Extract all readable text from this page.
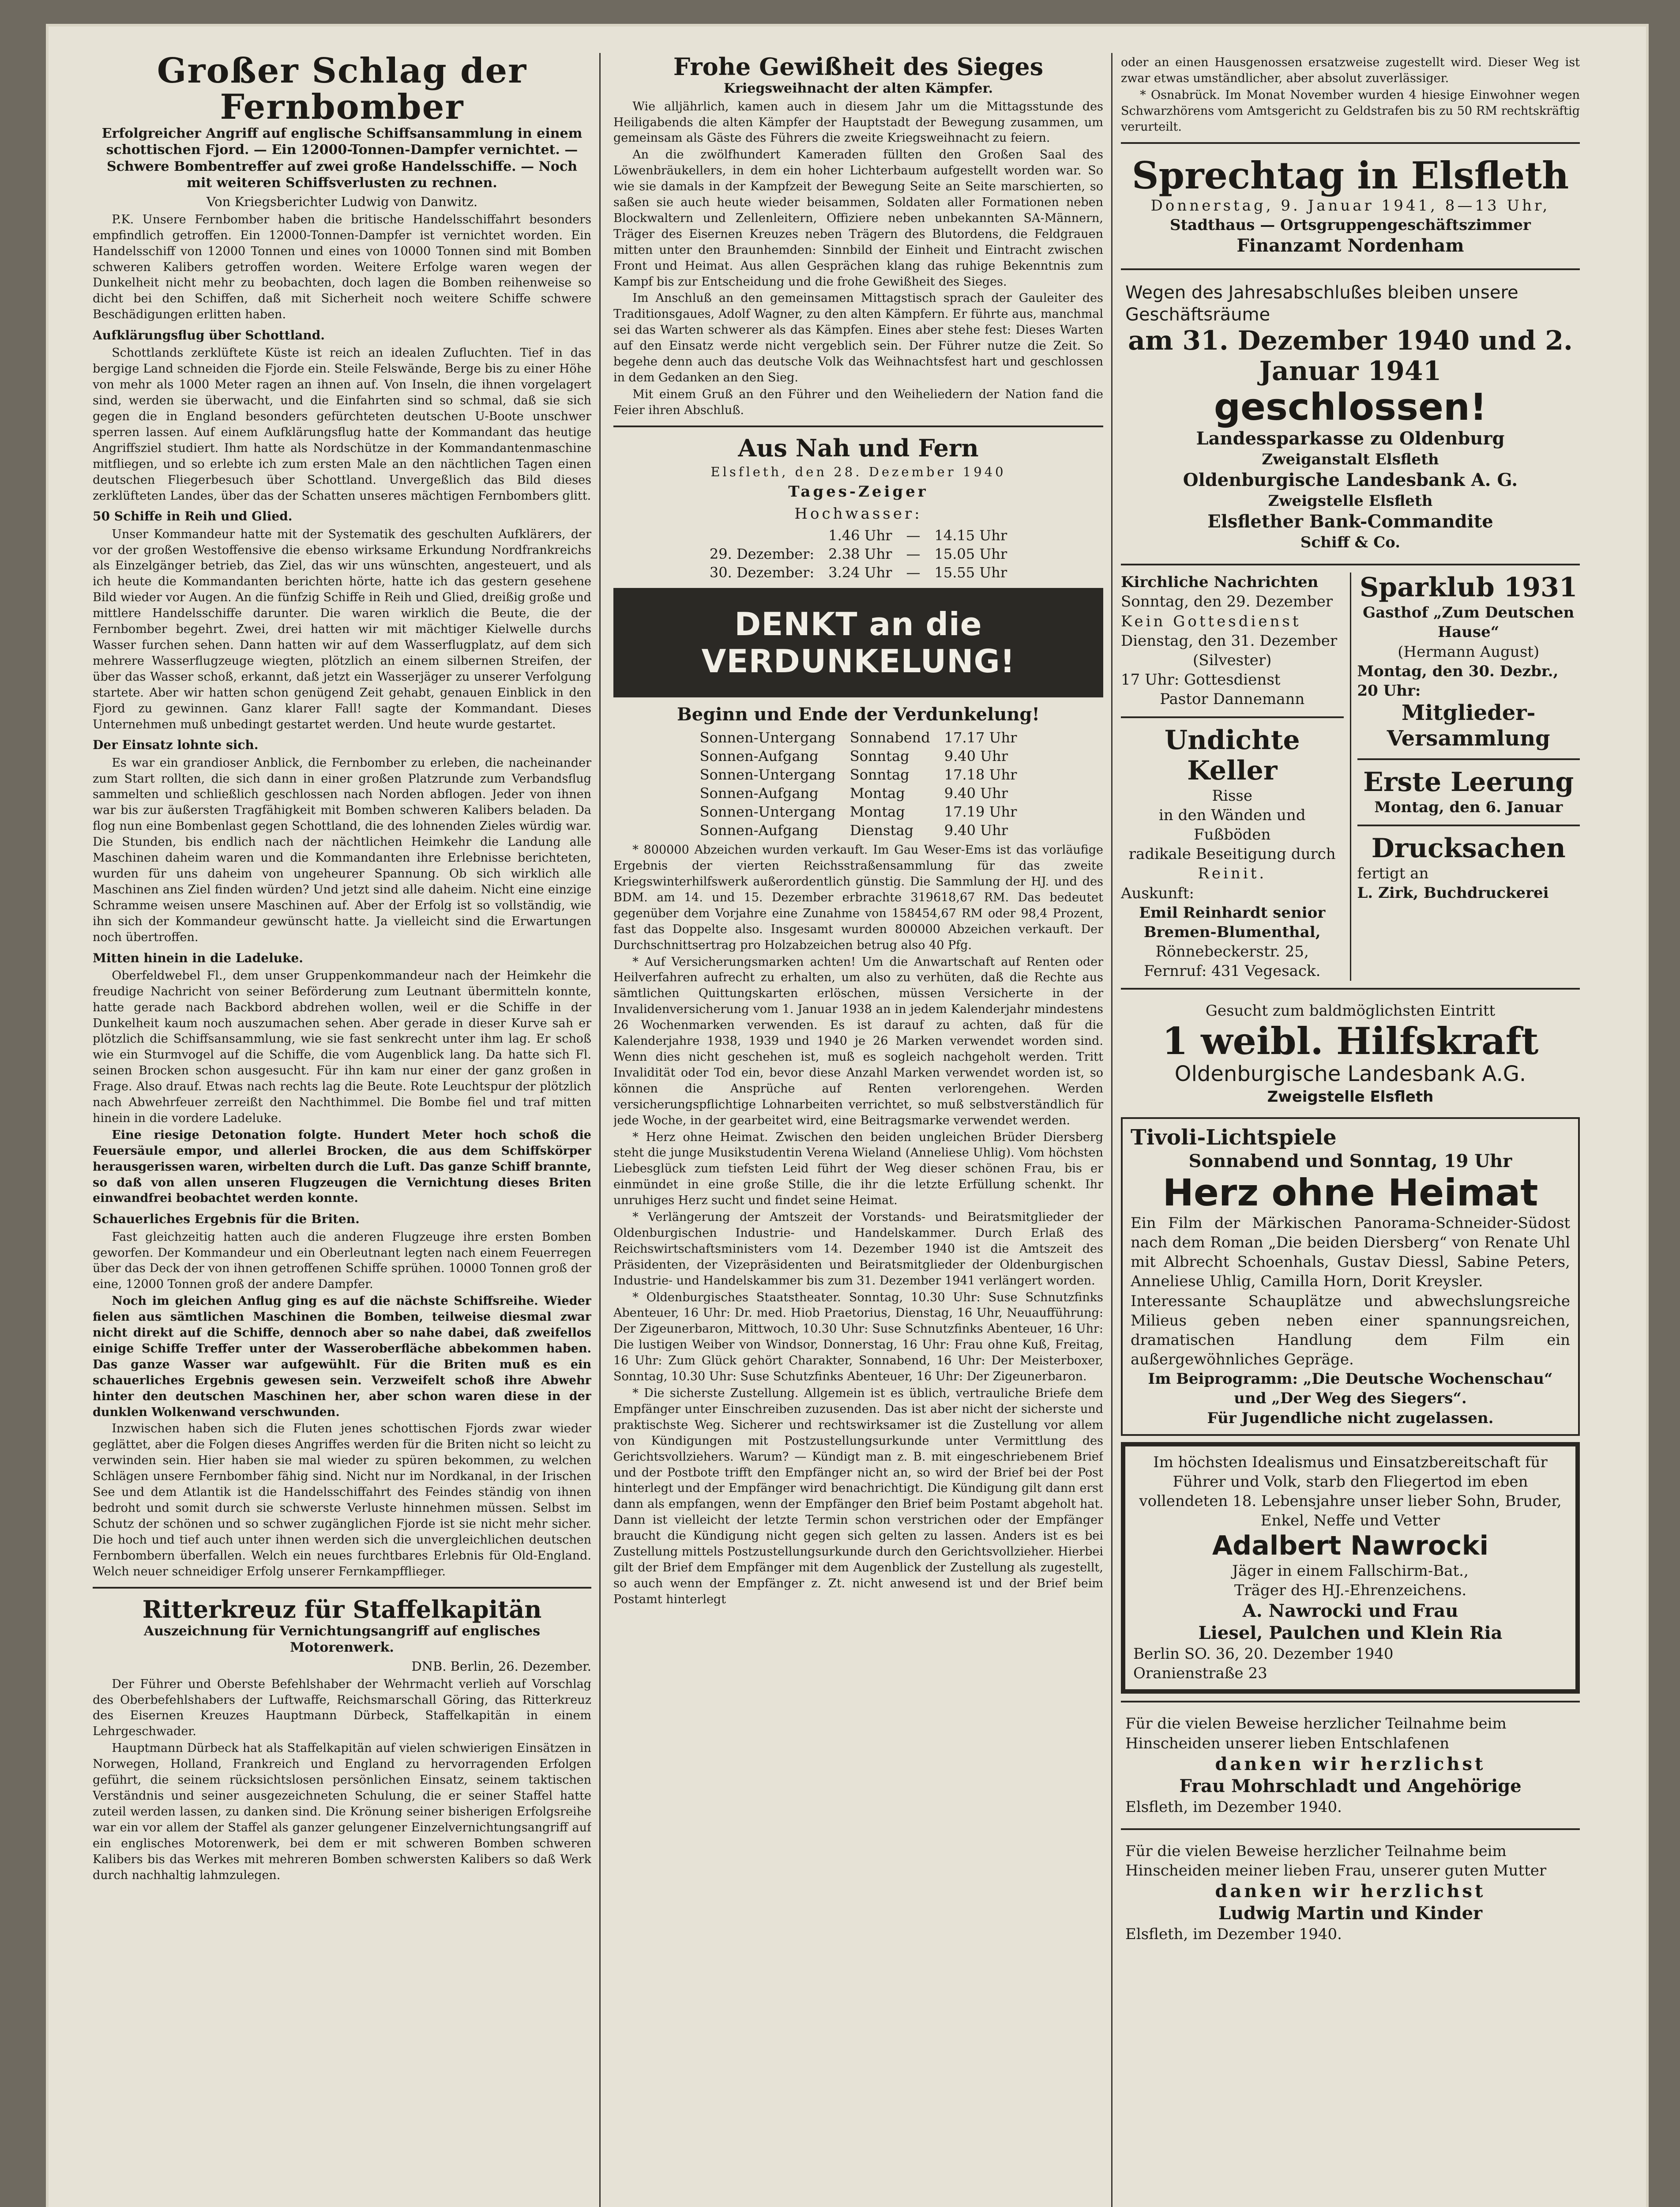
Großer Schlag der Fernbomber
Erfolgreicher Angriff auf englische Schiffsansammlung in einem schottischen Fjord. — Ein 12000-Tonnen-Dampfer vernichtet. — Schwere Bombentreffer auf zwei große Handelsschiffe. — Noch mit weiteren Schiffsverlusten zu rechnen.
Von Kriegsberichter Ludwig von Danwitz.

P.K. Unsere Fernbomber haben die britische Handelsschiffahrt besonders empfindlich getroffen. Ein 12000-Tonnen-Dampfer ist vernichtet worden. Ein Handelsschiff von 12000 Tonnen und eines von 10000 Tonnen sind mit Bomben schweren Kalibers getroffen worden. Weitere Erfolge waren wegen der Dunkelheit nicht mehr zu beobachten, doch lagen die Bomben reihenweise so dicht bei den Schiffen, daß mit Sicherheit noch weitere Schiffe schwere Beschädigungen erlitten haben.

Aufklärungsflug über Schottland.

Schottlands zerklüftete Küste ist reich an idealen Zufluchten. Tief in das bergige Land schneiden die Fjorde ein. Steile Felswände, Berge bis zu einer Höhe von mehr als 1000 Meter ragen an ihnen auf. Von Inseln, die ihnen vorgelagert sind, werden sie überwacht, und die Einfahrten sind so schmal, daß sie sich gegen die in England besonders gefürchteten deutschen U-Boote unschwer sperren lassen. Auf einem Aufklärungsflug hatte der Kommandant das heutige Angriffsziel studiert. Ihm hatte als Nordschütze in der Kommandantenmaschine mitfliegen, und so erlebte ich zum ersten Male an den nächtlichen Tagen einen deutschen Fliegerbesuch über Schottland. Unvergeßlich das Bild dieses zerklüfteten Landes, über das der Schatten unseres mächtigen Fernbombers glitt.

50 Schiffe in Reih und Glied.

Unser Kommandeur hatte mit der Systematik des geschulten Aufklärers, der vor der großen Westoffensive die ebenso wirksame Erkundung Nordfrankreichs als Einzelgänger betrieb, das Ziel, das wir uns wünschten, angesteuert, und als ich heute die Kommandanten berichten hörte, hatte ich das gestern gesehene Bild wieder vor Augen. An die fünfzig Schiffe in Reih und Glied, dreißig große und mittlere Handelsschiffe darunter. Die waren wirklich die Beute, die der Fernbomber begehrt. Zwei, drei hatten wir mit mächtiger Kielwelle durchs Wasser furchen sehen. Dann hatten wir auf dem Wasserflugplatz, auf dem sich mehrere Wasserflugzeuge wiegten, plötzlich an einem silbernen Streifen, der über das Wasser schoß, erkannt, daß jetzt ein Wasserjäger zu unserer Verfolgung startete. Aber wir hatten schon genügend Zeit gehabt, genauen Einblick in den Fjord zu gewinnen. Ganz klarer Fall! sagte der Kommandant. Dieses Unternehmen muß unbedingt gestartet werden. Und heute wurde gestartet.

Der Einsatz lohnte sich.

Es war ein grandioser Anblick, die Fernbomber zu erleben, die nacheinander zum Start rollten, die sich dann in einer großen Platzrunde zum Verbandsflug sammelten und schließlich geschlossen nach Norden abflogen. Jeder von ihnen war bis zur äußersten Tragfähigkeit mit Bomben schweren Kalibers beladen. Da flog nun eine Bombenlast gegen Schottland, die des lohnenden Zieles würdig war. Die Stunden, bis endlich nach der nächtlichen Heimkehr die Landung alle Maschinen daheim waren und die Kommandanten ihre Erlebnisse berichteten, wurden für uns daheim von ungeheurer Spannung. Ob sich wirklich alle Maschinen ans Ziel finden würden? Und jetzt sind alle daheim. Nicht eine einzige Schramme weisen unsere Maschinen auf. Aber der Erfolg ist so vollständig, wie ihn sich der Kommandeur gewünscht hatte. Ja vielleicht sind die Erwartungen noch übertroffen.

Mitten hinein in die Ladeluke.

Oberfeldwebel Fl., dem unser Gruppenkommandeur nach der Heimkehr die freudige Nachricht von seiner Beförderung zum Leutnant übermitteln konnte, hatte gerade nach Backbord abdrehen wollen, weil er die Schiffe in der Dunkelheit kaum noch auszumachen sehen. Aber gerade in dieser Kurve sah er plötzlich die Schiffsansammlung, wie sie fast senkrecht unter ihm lag. Er schoß wie ein Sturmvogel auf die Schiffe, die vom Augenblick lang. Da hatte sich Fl. seinen Brocken schon ausgesucht. Für ihn kam nur einer der ganz großen in Frage. Also drauf. Etwas nach rechts lag die Beute. Rote Leuchtspur der plötzlich nach Abwehrfeuer zerreißt den Nachthimmel. Die Bombe fiel und traf mitten hinein in die vordere Ladeluke.

Eine riesige Detonation folgte. Hundert Meter hoch schoß die Feuersäule empor, und allerlei Brocken, die aus dem Schiffskörper herausgerissen waren, wirbelten durch die Luft. Das ganze Schiff brannte, so daß von allen unseren Flugzeugen die Vernichtung dieses Briten einwandfrei beobachtet werden konnte.

Schauerliches Ergebnis für die Briten.

Fast gleichzeitig hatten auch die anderen Flugzeuge ihre ersten Bomben geworfen. Der Kommandeur und ein Oberleutnant legten nach einem Feuerregen über das Deck der von ihnen getroffenen Schiffe sprühen. 10000 Tonnen groß der eine, 12000 Tonnen groß der andere Dampfer.

Noch im gleichen Anflug ging es auf die nächste Schiffsreihe. Wieder fielen aus sämtlichen Maschinen die Bomben, teilweise diesmal zwar nicht direkt auf die Schiffe, dennoch aber so nahe dabei, daß zweifellos einige Schiffe Treffer unter der Wasseroberfläche abbekommen haben. Das ganze Wasser war aufgewühlt. Für die Briten muß es ein schauerliches Ergebnis gewesen sein. Verzweifelt schoß ihre Abwehr hinter den deutschen Maschinen her, aber schon waren diese in der dunklen Wolkenwand verschwunden.

Inzwischen haben sich die Fluten jenes schottischen Fjords zwar wieder geglättet, aber die Folgen dieses Angriffes werden für die Briten nicht so leicht zu verwinden sein. Hier haben sie mal wieder zu spüren bekommen, zu welchen Schlägen unsere Fernbomber fähig sind. Nicht nur im Nordkanal, in der Irischen See und dem Atlantik ist die Handelsschiffahrt des Feindes ständig von ihnen bedroht und somit durch sie schwerste Verluste hinnehmen müssen. Selbst im Schutz der schönen und so schwer zugänglichen Fjorde ist sie nicht mehr sicher. Die hoch und tief auch unter ihnen werden sich die unvergleichlichen deutschen Fernbombern überfallen. Welch ein neues furchtbares Erlebnis für Old-England. Welch neuer schneidiger Erfolg unserer Fernkampfflieger.

Ritterkreuz für Staffelkapitän
Auszeichnung für Vernichtungsangriff auf englisches Motorenwerk.
DNB. Berlin, 26. Dezember.

Der Führer und Oberste Befehlshaber der Wehrmacht verlieh auf Vorschlag des Oberbefehlshabers der Luftwaffe, Reichsmarschall Göring, das Ritterkreuz des Eisernen Kreuzes Hauptmann Dürbeck, Staffelkapitän in einem Lehrgeschwader.

Hauptmann Dürbeck hat als Staffelkapitän auf vielen schwierigen Einsätzen in Norwegen, Holland, Frankreich und England zu hervorragenden Erfolgen geführt, die seinem rücksichtslosen persönlichen Einsatz, seinem taktischen Verständnis und seiner ausgezeichneten Schulung, die er seiner Staffel hatte zuteil werden lassen, zu danken sind. Die Krönung seiner bisherigen Erfolgsreihe war ein vor allem der Staffel als ganzer gelungener Einzelvernichtungsangriff auf ein englisches Motorenwerk, bei dem er mit schweren Bomben schweren Kalibers bis das Werkes mit mehreren Bomben schwersten Kalibers so daß Werk durch nachhaltig lahmzulegen.

Frohe Gewißheit des Sieges
Kriegsweihnacht der alten Kämpfer.

Wie alljährlich, kamen auch in diesem Jahr um die Mittagsstunde des Heiligabends die alten Kämpfer der Hauptstadt der Bewegung zusammen, um gemeinsam als Gäste des Führers die zweite Kriegsweihnacht zu feiern.

An die zwölfhundert Kameraden füllten den Großen Saal des Löwenbräukellers, in dem ein hoher Lichterbaum aufgestellt worden war. So wie sie damals in der Kampfzeit der Bewegung Seite an Seite marschierten, so saßen sie auch heute wieder beisammen, Soldaten aller Formationen neben Blockwaltern und Zellenleitern, Offiziere neben unbekannten SA-Männern, Träger des Eisernen Kreuzes neben Trägern des Blutordens, die Feldgrauen mitten unter den Braunhemden: Sinnbild der Einheit und Eintracht zwischen Front und Heimat. Aus allen Gesprächen klang das ruhige Bekenntnis zum Kampf bis zur Entscheidung und die frohe Gewißheit des Sieges.

Im Anschluß an den gemeinsamen Mittagstisch sprach der Gauleiter des Traditionsgaues, Adolf Wagner, zu den alten Kämpfern. Er führte aus, manchmal sei das Warten schwerer als das Kämpfen. Eines aber stehe fest: Dieses Warten auf den Einsatz werde nicht vergeblich sein. Der Führer nutze die Zeit. So begehe denn auch das deutsche Volk das Weihnachtsfest hart und geschlossen in dem Gedanken an den Sieg.

Mit einem Gruß an den Führer und den Weiheliedern der Nation fand die Feier ihren Abschluß.

Aus Nah und Fern
Elsfleth, den 28. Dezember 1940
Tages-Zeiger
Hochwasser:
	1.46 Uhr	—	14.15 Uhr
29. Dezember:	2.38 Uhr	—	15.05 Uhr
30. Dezember:	3.24 Uhr	—	15.55 Uhr
DENKT an die VERDUNKELUNG!
Beginn und Ende der Verdunkelung!
Sonnen-Untergang	Sonnabend	17.17 Uhr
Sonnen-Aufgang	Sonntag	9.40 Uhr
Sonnen-Untergang	Sonntag	17.18 Uhr
Sonnen-Aufgang	Montag	9.40 Uhr
Sonnen-Untergang	Montag	17.19 Uhr
Sonnen-Aufgang	Dienstag	9.40 Uhr

* 800000 Abzeichen wurden verkauft. Im Gau Weser-Ems ist das vorläufige Ergebnis der vierten Reichsstraßensammlung für das zweite Kriegswinterhilfswerk außerordentlich günstig. Die Sammlung der HJ. und des BDM. am 14. und 15. Dezember erbrachte 319618,67 RM. Das bedeutet gegenüber dem Vorjahre eine Zunahme von 158454,67 RM oder 98,4 Prozent, fast das Doppelte also. Insgesamt wurden 800000 Abzeichen verkauft. Der Durchschnittsertrag pro Holzabzeichen betrug also 40 Pfg.

* Auf Versicherungsmarken achten! Um die Anwartschaft auf Renten oder Heilverfahren aufrecht zu erhalten, um also zu verhüten, daß die Rechte aus sämtlichen Quittungskarten erlöschen, müssen Versicherte in der Invalidenversicherung vom 1. Januar 1938 an in jedem Kalenderjahr mindestens 26 Wochenmarken verwenden. Es ist darauf zu achten, daß für die Kalenderjahre 1938, 1939 und 1940 je 26 Marken verwendet worden sind. Wenn dies nicht geschehen ist, muß es sogleich nachgeholt werden. Tritt Invalidität oder Tod ein, bevor diese Anzahl Marken verwendet worden ist, so können die Ansprüche auf Renten verlorengehen. Werden versicherungspflichtige Lohnarbeiten verrichtet, so muß selbstverständlich für jede Woche, in der gearbeitet wird, eine Beitragsmarke verwendet werden.

* Herz ohne Heimat. Zwischen den beiden ungleichen Brüder Diersberg steht die junge Musikstudentin Verena Wieland (Anneliese Uhlig). Vom höchsten Liebesglück zum tiefsten Leid führt der Weg dieser schönen Frau, bis er einmündet in eine große Stille, die ihr die letzte Erfüllung schenkt. Ihr unruhiges Herz sucht und findet seine Heimat.

* Verlängerung der Amtszeit der Vorstands- und Beiratsmitglieder der Oldenburgischen Industrie- und Handelskammer. Durch Erlaß des Reichswirtschaftsministers vom 14. Dezember 1940 ist die Amtszeit des Präsidenten, der Vizepräsidenten und Beiratsmitglieder der Oldenburgischen Industrie- und Handelskammer bis zum 31. Dezember 1941 verlängert worden.

* Oldenburgisches Staatstheater. Sonntag, 10.30 Uhr: Suse Schnutzfinks Abenteuer, 16 Uhr: Dr. med. Hiob Praetorius, Dienstag, 16 Uhr, Neuaufführung: Der Zigeunerbaron, Mittwoch, 10.30 Uhr: Suse Schnutzfinks Abenteuer, 16 Uhr: Die lustigen Weiber von Windsor, Donnerstag, 16 Uhr: Frau ohne Kuß, Freitag, 16 Uhr: Zum Glück gehört Charakter, Sonnabend, 16 Uhr: Der Meisterboxer, Sonntag, 10.30 Uhr: Suse Schutzfinks Abenteuer, 16 Uhr: Der Zigeunerbaron.

* Die sicherste Zustellung. Allgemein ist es üblich, vertrauliche Briefe dem Empfänger unter Einschreiben zuzusenden. Das ist aber nicht der sicherste und praktischste Weg. Sicherer und rechtswirksamer ist die Zustellung vor allem von Kündigungen mit Postzustellungsurkunde unter Vermittlung des Gerichtsvollziehers. Warum? — Kündigt man z. B. mit eingeschriebenem Brief und der Postbote trifft den Empfänger nicht an, so wird der Brief bei der Post hinterlegt und der Empfänger wird benachrichtigt. Die Kündigung gilt dann erst dann als empfangen, wenn der Empfänger den Brief beim Postamt abgeholt hat. Dann ist vielleicht der letzte Termin schon verstrichen oder der Empfänger braucht die Kündigung nicht gegen sich gelten zu lassen. Anders ist es bei Zustellung mittels Postzustellungsurkunde durch den Gerichtsvollzieher. Hierbei gilt der Brief dem Empfänger mit dem Augenblick der Zustellung als zugestellt, so auch wenn der Empfänger z. Zt. nicht anwesend ist und der Brief beim Postamt hinterlegt

oder an einen Hausgenossen ersatzweise zugestellt wird. Dieser Weg ist zwar etwas umständlicher, aber absolut zuverlässiger.

* Osnabrück. Im Monat November wurden 4 hiesige Einwohner wegen Schwarzhörens vom Amtsgericht zu Geldstrafen bis zu 50 RM rechtskräftig verurteilt.

Sprechtag in Elsfleth
Donnerstag, 9. Januar 1941, 8—13 Uhr,
Stadthaus — Ortsgruppengeschäftszimmer
Finanzamt Nordenham
Wegen des Jahresabschlußes bleiben unsere Geschäftsräume
am 31. Dezember 1940 und 2. Januar 1941
geschlossen!
Landessparkasse zu Oldenburg
Zweiganstalt Elsfleth
Oldenburgische Landesbank A. G.
Zweigstelle Elsfleth
Elsflether Bank-Commandite
Schiff & Co.
Kirchliche Nachrichten
Sonntag, den 29. Dezember
Kein Gottesdienst
Dienstag, den 31. Dezember
(Silvester)
17 Uhr: Gottesdienst
Pastor Dannemann
Undichte Keller
Risse
in den Wänden und Fußböden
radikale Beseitigung durch
Reinit.
Auskunft:
Emil Reinhardt senior
Bremen-Blumenthal,
Rönnebeckerstr. 25,
Fernruf: 431 Vegesack.
Sparklub 1931
Gasthof „Zum Deutschen Hause“
(Hermann August)
Montag, den 30. Dezbr.,
20 Uhr:
Mitglieder-
Versammlung
Erste Leerung
Montag, den 6. Januar
Drucksachen
fertigt an
L. Zirk, Buchdruckerei
Gesucht zum baldmöglichsten Eintritt
1 weibl. Hilfskraft
Oldenburgische Landesbank A.G.
Zweigstelle Elsfleth
Tivoli-Lichtspiele
Sonnabend und Sonntag, 19 Uhr
Herz ohne Heimat
Ein Film der Märkischen Panorama-Schneider-Südost nach dem Roman „Die beiden Diersberg“ von Renate Uhl mit Albrecht Schoenhals, Gustav Diessl, Sabine Peters, Anneliese Uhlig, Camilla Horn, Dorit Kreysler.
Interessante Schauplätze und abwechslungsreiche Milieus geben neben einer spannungsreichen, dramatischen Handlung dem Film ein außergewöhnliches Gepräge.
Im Beiprogramm: „Die Deutsche Wochenschau“ und „Der Weg des Siegers“.
Für Jugendliche nicht zugelassen.
Im höchsten Idealismus und Einsatzbereitschaft für Führer und Volk, starb den Fliegertod im eben vollendeten 18. Lebensjahre unser lieber Sohn, Bruder, Enkel, Neffe und Vetter
Adalbert Nawrocki
Jäger in einem Fallschirm-Bat.,
Träger des HJ.-Ehrenzeichens.
A. Nawrocki und Frau
Liesel, Paulchen und Klein Ria
Berlin SO. 36, 20. Dezember 1940
Oranienstraße 23
Für die vielen Beweise herzlicher Teilnahme beim Hinscheiden unserer lieben Entschlafenen
danken wir herzlichst
Frau Mohrschladt und Angehörige
Elsfleth, im Dezember 1940.
Für die vielen Beweise herzlicher Teilnahme beim Hinscheiden meiner lieben Frau, unserer guten Mutter
danken wir herzlichst
Ludwig Martin und Kinder
Elsfleth, im Dezember 1940.
